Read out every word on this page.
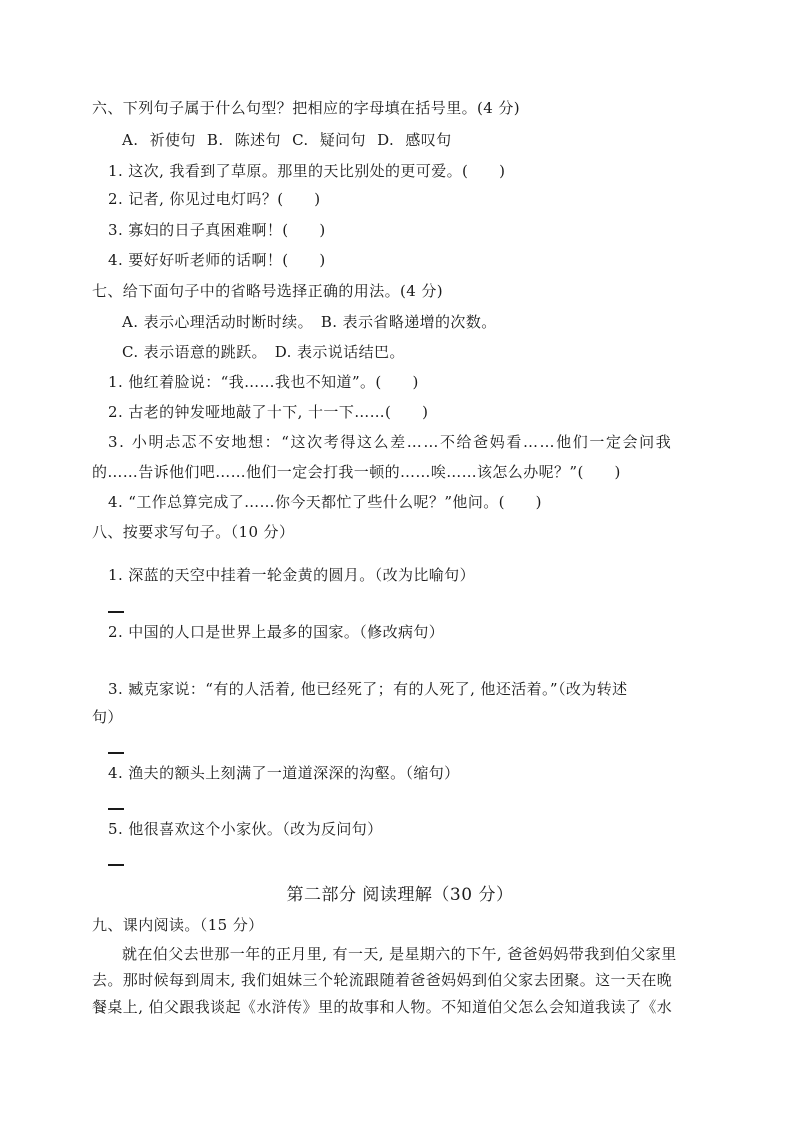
六、下列句子属于什么句型？把相应的字母填在括号里。(4 分)
A. 祈使句 B. 陈述句 C. 疑问句 D. 感叹句
1. 这次, 我看到了草原。那里的天比别处的更可爱。(　　)
2. 记者, 你见过电灯吗？(　　)
3. 寡妇的日子真困难啊！(　　)
4. 要好好听老师的话啊！(　　)
七、给下面句子中的省略号选择正确的用法。(4 分)
A. 表示心理活动时断时续。　B. 表示省略递增的次数。
C. 表示语意的跳跃。　D. 表示说话结巴。
1. 他红着脸说：“我……我也不知道”。(　　)
2. 古老的钟发哑地敲了十下, 十一下……(　　)
3. 小明忐忑不安地想：“这次考得这么差……不给爸妈看……他们一定会问我
的……告诉他们吧……他们一定会打我一顿的……唉……该怎么办呢？”(　　)
4. “工作总算完成了……你今天都忙了些什么呢？”他问。(　　)
八、按要求写句子。（10 分）
1. 深蓝的天空中挂着一轮金黄的圆月。（改为比喻句）
2. 中国的人口是世界上最多的国家。（修改病句）
3. 臧克家说：“有的人活着, 他已经死了；有的人死了, 他还活着。”（改为转述
句）
4. 渔夫的额头上刻满了一道道深深的沟壑。（缩句）
5. 他很喜欢这个小家伙。（改为反问句）
第二部分 阅读理解（30 分）
九、课内阅读。（15 分）
就在伯父去世那一年的正月里, 有一天, 是星期六的下午, 爸爸妈妈带我到伯父家里
去。那时候每到周末, 我们姐妹三个轮流跟随着爸爸妈妈到伯父家去团聚。这一天在晚
餐桌上, 伯父跟我谈起《水浒传》里的故事和人物。不知道伯父怎么会知道我读了《水
